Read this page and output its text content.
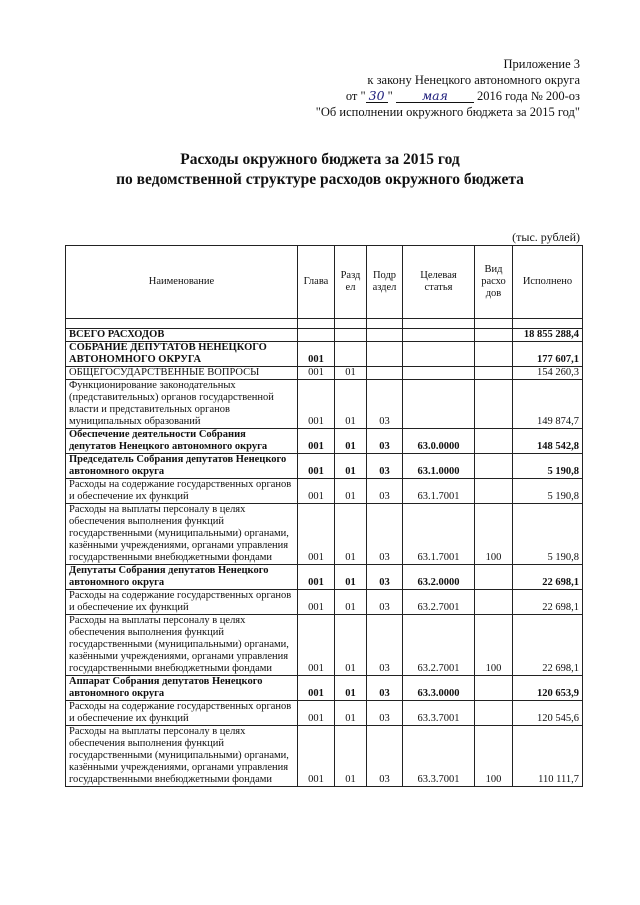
Приложение 3
к закону Ненецкого автономного округа
от " 30 " мая 2016 года № 200-оз
"Об исполнении окружного бюджета за 2015 год"
Расходы окружного бюджета за 2015 год
по ведомственной структуре расходов окружного бюджета
(тыс. рублей)
Наименование	Глава	Разд ел	Подр аздел	Целевая статья	Вид расхо дов	Исполнено

ВСЕГО РАСХОДОВ						18 855 288,4
СОБРАНИЕ ДЕПУТАТОВ НЕНЕЦКОГО АВТОНОМНОГО ОКРУГА	001					177 607,1
ОБЩЕГОСУДАРСТВЕННЫЕ ВОПРОСЫ	001	01				154 260,3
Функционирование законодательных (представительных) органов государственной власти и представительных органов муниципальных образований	001	01	03			149 874,7
Обеспечение деятельности Собрания депутатов Ненецкого автономного округа	001	01	03	63.0.0000		148 542,8
Председатель Собрания депутатов Ненецкого автономного округа	001	01	03	63.1.0000		5 190,8
Расходы на содержание государственных органов и обеспечение их функций	001	01	03	63.1.7001		5 190,8
Расходы на выплаты персоналу в целях обеспечения выполнения функций государственными (муниципальными) органами, казёнными учреждениями, органами управления государственными внебюджетными фондами	001	01	03	63.1.7001	100	5 190,8
Депутаты Собрания депутатов Ненецкого автономного округа	001	01	03	63.2.0000		22 698,1
Расходы на содержание государственных органов и обеспечение их функций	001	01	03	63.2.7001		22 698,1
Расходы на выплаты персоналу в целях обеспечения выполнения функций государственными (муниципальными) органами, казёнными учреждениями, органами управления государственными внебюджетными фондами	001	01	03	63.2.7001	100	22 698,1
Аппарат Собрания депутатов Ненецкого автономного округа	001	01	03	63.3.0000		120 653,9
Расходы на содержание государственных органов и обеспечение их функций	001	01	03	63.3.7001		120 545,6
Расходы на выплаты персоналу в целях обеспечения выполнения функций государственными (муниципальными) органами, казёнными учреждениями, органами управления государственными внебюджетными фондами	001	01	03	63.3.7001	100	110 111,7
